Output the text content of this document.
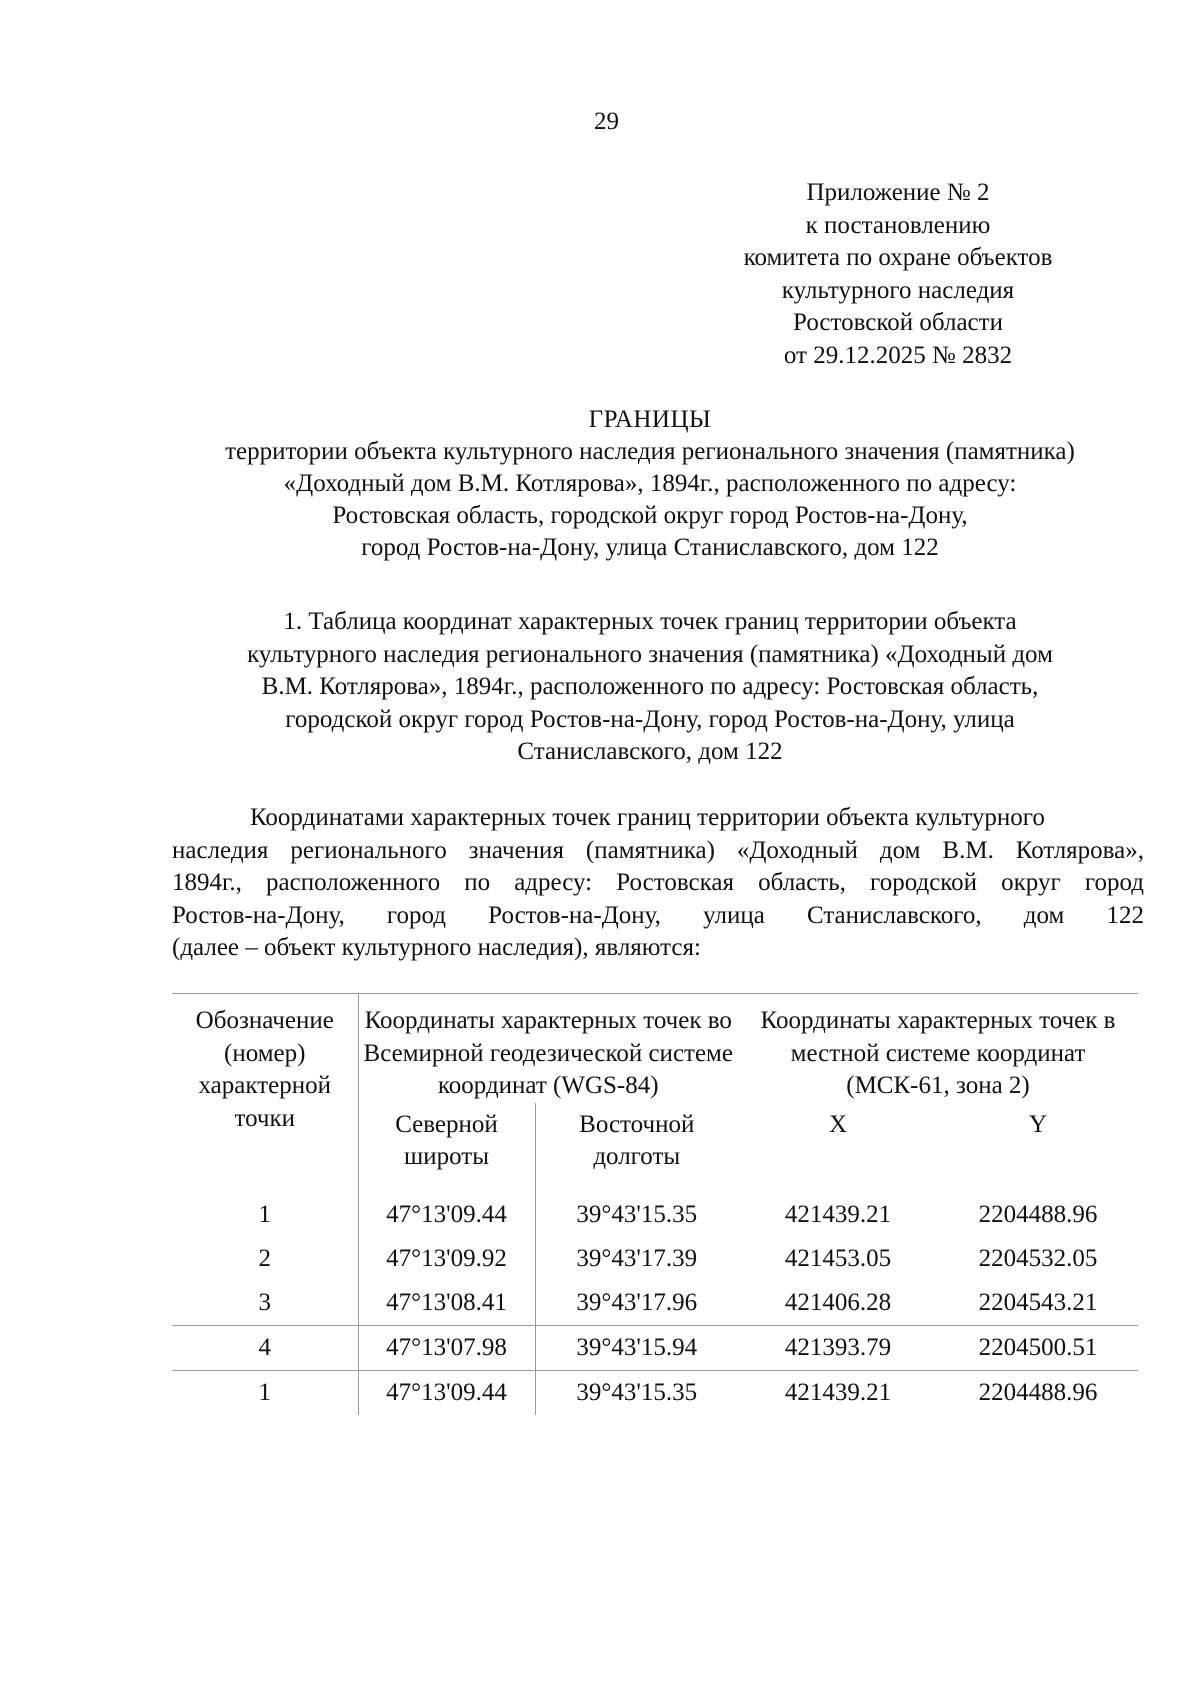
29
Приложение № 2
к постановлению
комитета по охране объектов
культурного наследия
Ростовской области
от 29.12.2025 № 2832
ГРАНИЦЫ
территории объекта культурного наследия регионального значения (памятника)
«Доходный дом В.М. Котлярова», 1894г., расположенного по адресу:
Ростовская область, городской округ город Ростов-на-Дону,
город Ростов-на-Дону, улица Станиславского, дом 122
1. Таблица координат характерных точек границ территории объекта
культурного наследия регионального значения (памятника) «Доходный дом
В.М. Котлярова», 1894г., расположенного по адресу: Ростовская область,
городской округ город Ростов-на-Дону, город Ростов-на-Дону, улица
Станиславского, дом 122
Координатами характерных точек границ территории объекта культурного
наследия регионального значения (памятника) «Доходный дом В.М. Котлярова»,
1894г., расположенного по адресу: Ростовская область, городской округ город
Ростов-на-Дону, город Ростов-на-Дону, улица Станиславского, дом 122
(далее – объект культурного наследия), являются:
Обозначение (номер) характерной точки	Координаты характерных точек во Всемирной геодезической системе координат (WGS-84)		Координаты характерных точек в местной системе координат (МСК-61, зона 2)	
	Северной широты	Восточной долготы	X	Y
1	47°13'09.44	39°43'15.35	421439.21	2204488.96
2	47°13'09.92	39°43'17.39	421453.05	2204532.05
3	47°13'08.41	39°43'17.96	421406.28	2204543.21
4	47°13'07.98	39°43'15.94	421393.79	2204500.51
1	47°13'09.44	39°43'15.35	421439.21	2204488.96
